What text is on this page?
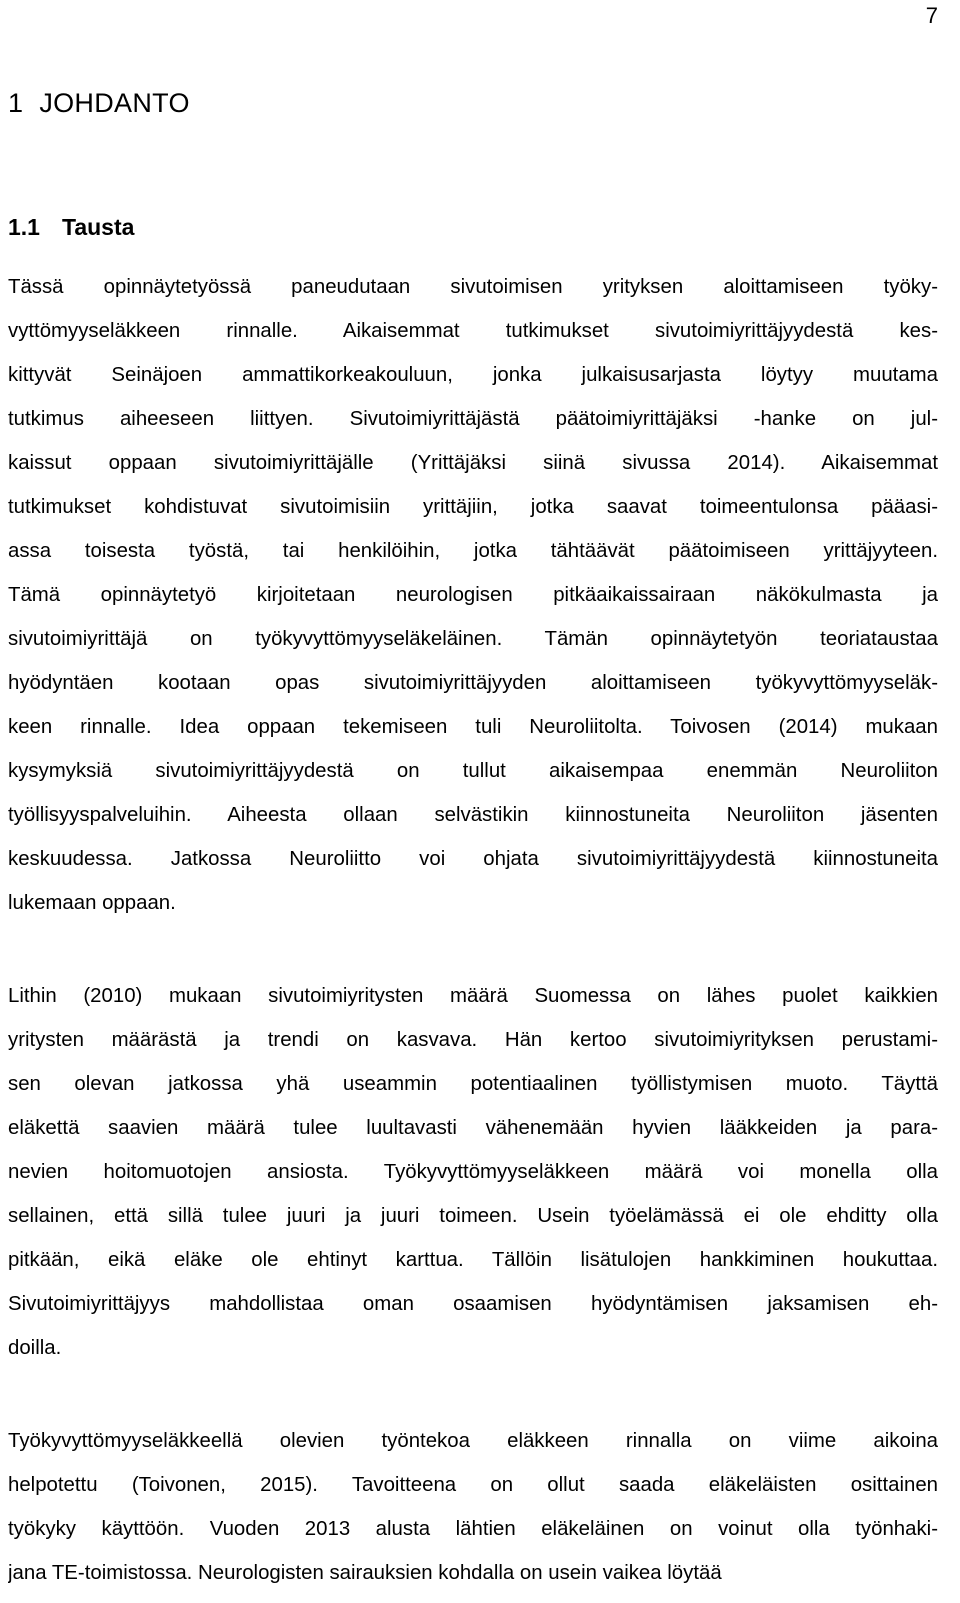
7
1 JOHDANTO
1.1 Tausta
Tässä opinnäytetyössä paneudutaan sivutoimisen yrityksen aloittamiseen työky-
vyttömyyseläkkeen rinnalle. Aikaisemmat tutkimukset sivutoimiyrittäjyydestä kes-
kittyvät Seinäjoen ammattikorkeakouluun, jonka julkaisusarjasta löytyy muutama
tutkimus aiheeseen liittyen. Sivutoimiyrittäjästä päätoimiyrittäjäksi -hanke on jul-
kaissut oppaan sivutoimiyrittäjälle (Yrittäjäksi siinä sivussa 2014). Aikaisemmat
tutkimukset kohdistuvat sivutoimisiin yrittäjiin, jotka saavat toimeentulonsa pääasi-
assa toisesta työstä, tai henkilöihin, jotka tähtäävät päätoimiseen yrittäjyyteen.
Tämä opinnäytetyö kirjoitetaan neurologisen pitkäaikaissairaan näkökulmasta ja
sivutoimiyrittäjä on työkyvyttömyyseläkeläinen. Tämän opinnäytetyön teoriataustaa
hyödyntäen kootaan opas sivutoimiyrittäjyyden aloittamiseen työkyvyttömyyseläk-
keen rinnalle. Idea oppaan tekemiseen tuli Neuroliitolta. Toivosen (2014) mukaan
kysymyksiä sivutoimiyrittäjyydestä on tullut aikaisempaa enemmän Neuroliiton
työllisyyspalveluihin. Aiheesta ollaan selvästikin kiinnostuneita Neuroliiton jäsenten
keskuudessa. Jatkossa Neuroliitto voi ohjata sivutoimiyrittäjyydestä kiinnostuneita
lukemaan oppaan.
Lithin (2010) mukaan sivutoimiyritysten määrä Suomessa on lähes puolet kaikkien
yritysten määrästä ja trendi on kasvava. Hän kertoo sivutoimiyrityksen perustami-
sen olevan jatkossa yhä useammin potentiaalinen työllistymisen muoto. Täyttä
eläkettä saavien määrä tulee luultavasti vähenemään hyvien lääkkeiden ja para-
nevien hoitomuotojen ansiosta. Työkyvyttömyyseläkkeen määrä voi monella olla
sellainen, että sillä tulee juuri ja juuri toimeen. Usein työelämässä ei ole ehditty olla
pitkään, eikä eläke ole ehtinyt karttua. Tällöin lisätulojen hankkiminen houkuttaa.
Sivutoimiyrittäjyys mahdollistaa oman osaamisen hyödyntämisen jaksamisen eh-
doilla.
Työkyvyttömyyseläkkeellä olevien työntekoa eläkkeen rinnalla on viime aikoina
helpotettu (Toivonen, 2015). Tavoitteena on ollut saada eläkeläisten osittainen
työkyky käyttöön. Vuoden 2013 alusta lähtien eläkeläinen on voinut olla työnhaki-
jana TE-toimistossa. Neurologisten sairauksien kohdalla on usein vaikea löytää
